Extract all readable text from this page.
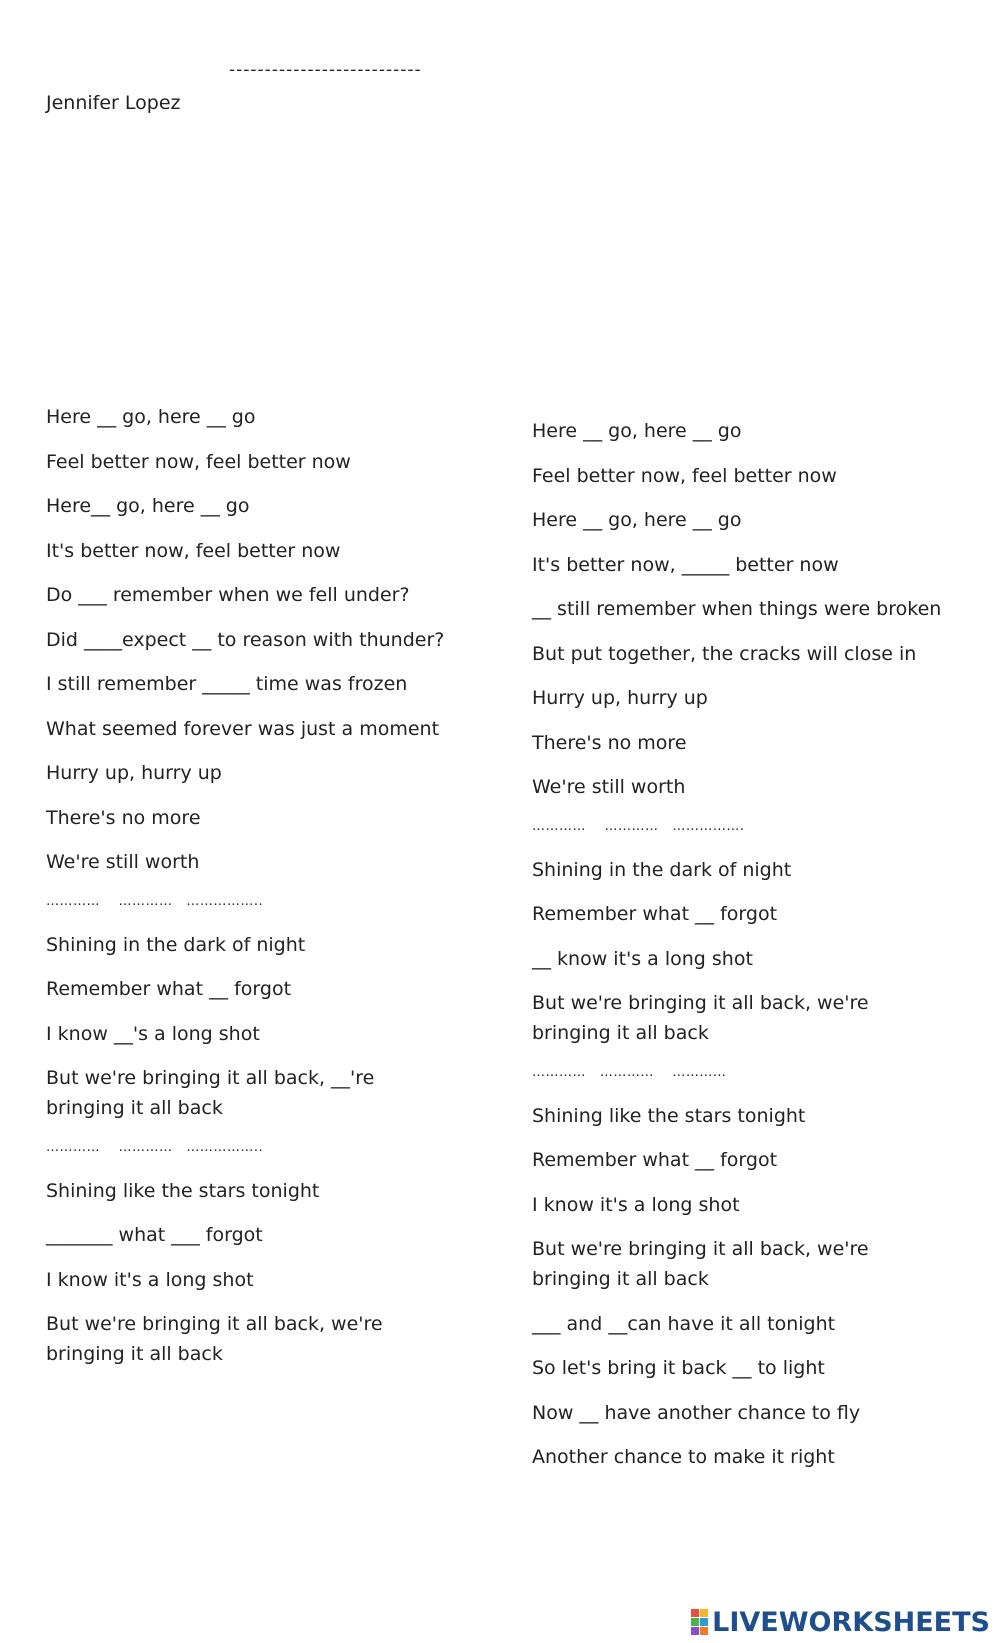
---------------------------
Jennifer Lopez
Here __ go, here __ go
Feel better now, feel better now
Here__ go, here __ go
It's better now, feel better now
Do ___ remember when we fell under?
Did ____expect __ to reason with thunder?
I still remember _____ time was frozen
What seemed forever was just a moment
Hurry up, hurry up
There's no more
We're still worth
…………    …………   ……………..
Shining in the dark of night
Remember what __ forgot
I know __'s a long shot
But we're bringing it all back, __'re
bringing it all back
…………    …………   ……………..
Shining like the stars tonight
_______ what ___ forgot
I know it's a long shot
But we're bringing it all back, we're
bringing it all back
Here __ go, here __ go
Feel better now, feel better now
Here __ go, here __ go
It's better now, _____ better now
__ still remember when things were broken
But put together, the cracks will close in
Hurry up, hurry up
There's no more
We're still worth
…………    …………   …………….
Shining in the dark of night
Remember what __ forgot
__ know it's a long shot
But we're bringing it all back, we're
bringing it all back
…………   …………    …………
Shining like the stars tonight
Remember what __ forgot
I know it's a long shot
But we're bringing it all back, we're
bringing it all back
___ and __can have it all tonight
So let's bring it back __ to light
Now __ have another chance to fly
Another chance to make it right
LIVEWORKSHEETS
